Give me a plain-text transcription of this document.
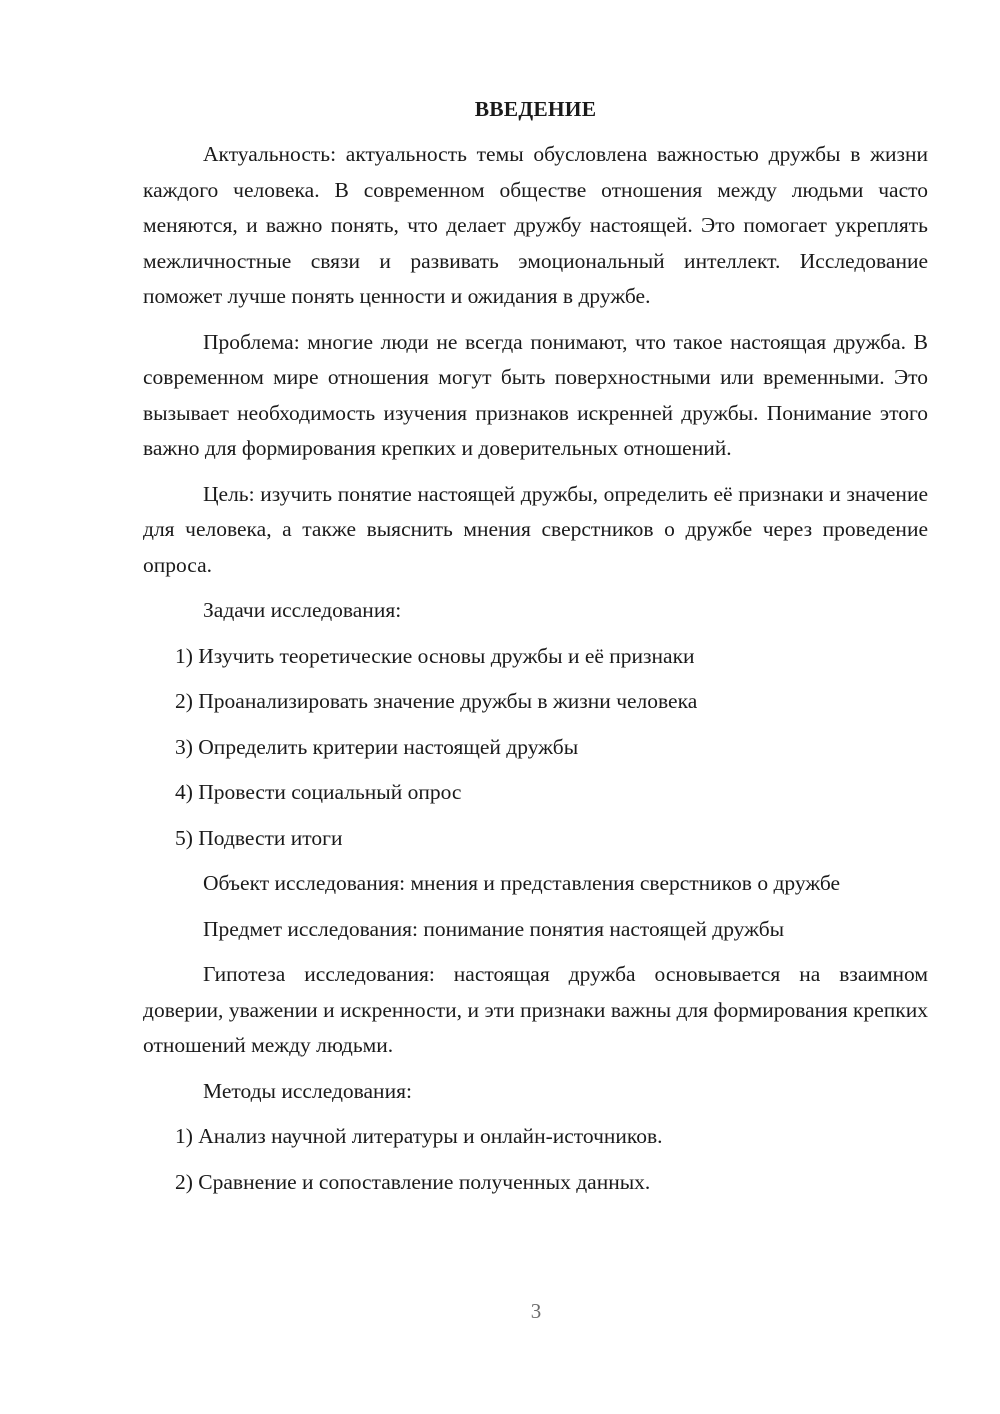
ВВЕДЕНИЕ

Актуальность: актуальность темы обусловлена важностью дружбы в жизни каждого человека. В современном обществе отношения между людьми часто меняются, и важно понять, что делает дружбу настоящей. Это помогает укреплять межличностные связи и развивать эмоциональный интеллект. Исследование поможет лучше понять ценности и ожидания в дружбе.

Проблема: многие люди не всегда понимают, что такое настоящая дружба. В современном мире отношения могут быть поверхностными или временными. Это вызывает необходимость изучения признаков искренней дружбы. Понимание этого важно для формирования крепких и доверительных отношений.

Цель: изучить понятие настоящей дружбы, определить её признаки и значение для человека, а также выяснить мнения сверстников о дружбе через проведение опроса.

Задачи исследования:

1) Изучить теоретические основы дружбы и её признаки
2) Проанализировать значение дружбы в жизни человека
3) Определить критерии настоящей дружбы
4) Провести социальный опрос
5) Подвести итоги

Объект исследования: мнения и представления сверстников о дружбе

Предмет исследования: понимание понятия настоящей дружбы

Гипотеза исследования: настоящая дружба основывается на взаимном доверии, уважении и искренности, и эти признаки важны для формирования крепких отношений между людьми.

Методы исследования:

1) Анализ научной литературы и онлайн-источников.
2) Сравнение и сопоставление полученных данных.
3
